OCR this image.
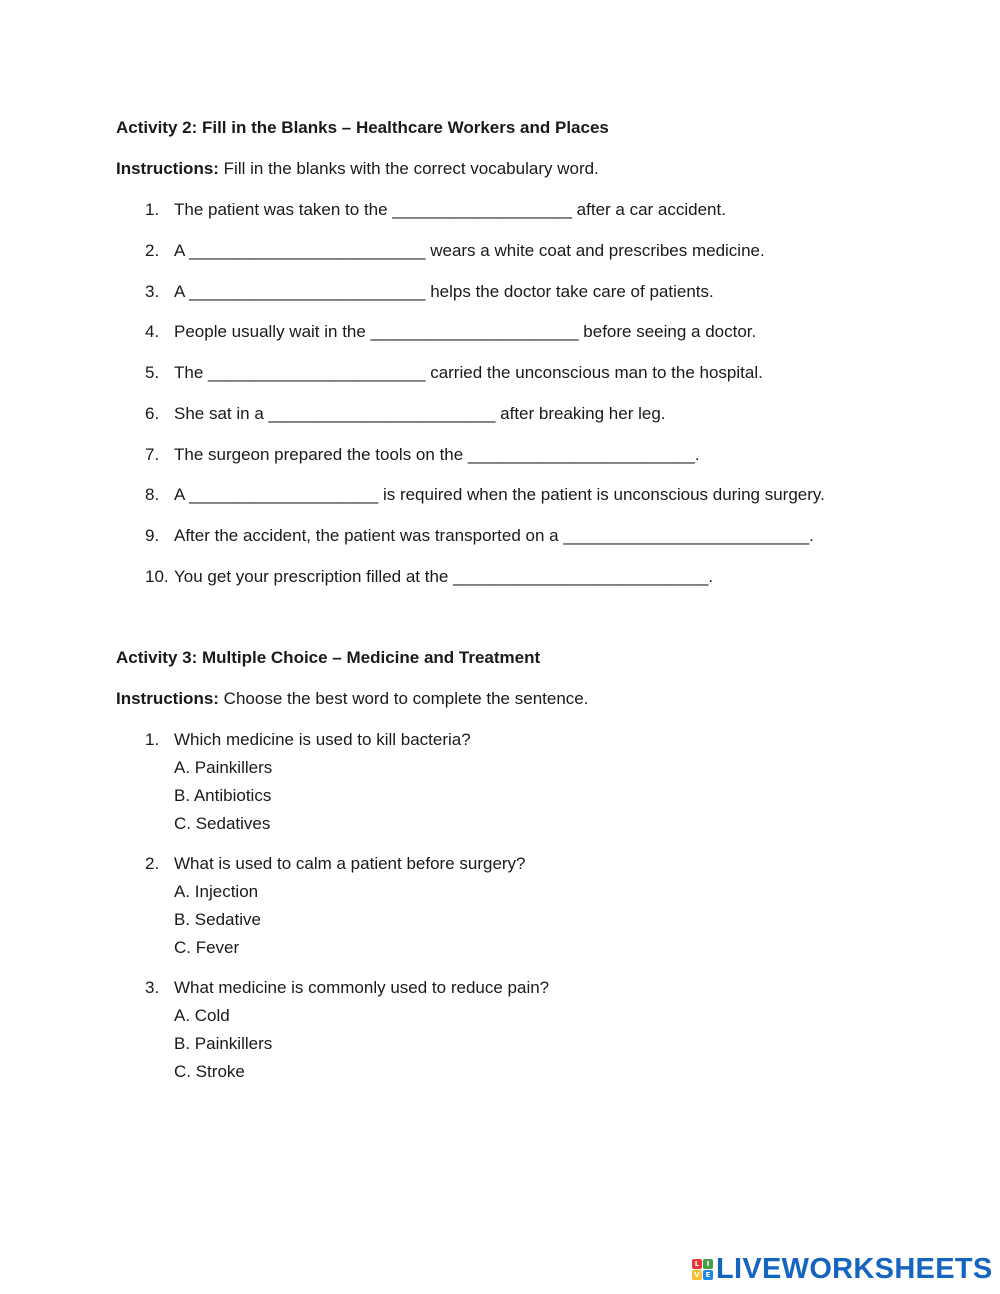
Activity 2: Fill in the Blanks – Healthcare Workers and Places
Instructions: Fill in the blanks with the correct vocabulary word.
1. The patient was taken to the ___________________ after a car accident.
2. A _________________________ wears a white coat and prescribes medicine.
3. A _________________________ helps the doctor take care of patients.
4. People usually wait in the ______________________ before seeing a doctor.
5. The _______________________ carried the unconscious man to the hospital.
6. She sat in a ________________________ after breaking her leg.
7. The surgeon prepared the tools on the ________________________.
8. A ____________________ is required when the patient is unconscious during surgery.
9. After the accident, the patient was transported on a __________________________.
10. You get your prescription filled at the ___________________________.
Activity 3: Multiple Choice – Medicine and Treatment
Instructions: Choose the best word to complete the sentence.
1. Which medicine is used to kill bacteria?
A. Painkillers
B. Antibiotics
C. Sedatives
2. What is used to calm a patient before surgery?
A. Injection
B. Sedative
C. Fever
3. What medicine is commonly used to reduce pain?
A. Cold
B. Painkillers
C. Stroke
L	I
V E LIVEWORKSHEETS
